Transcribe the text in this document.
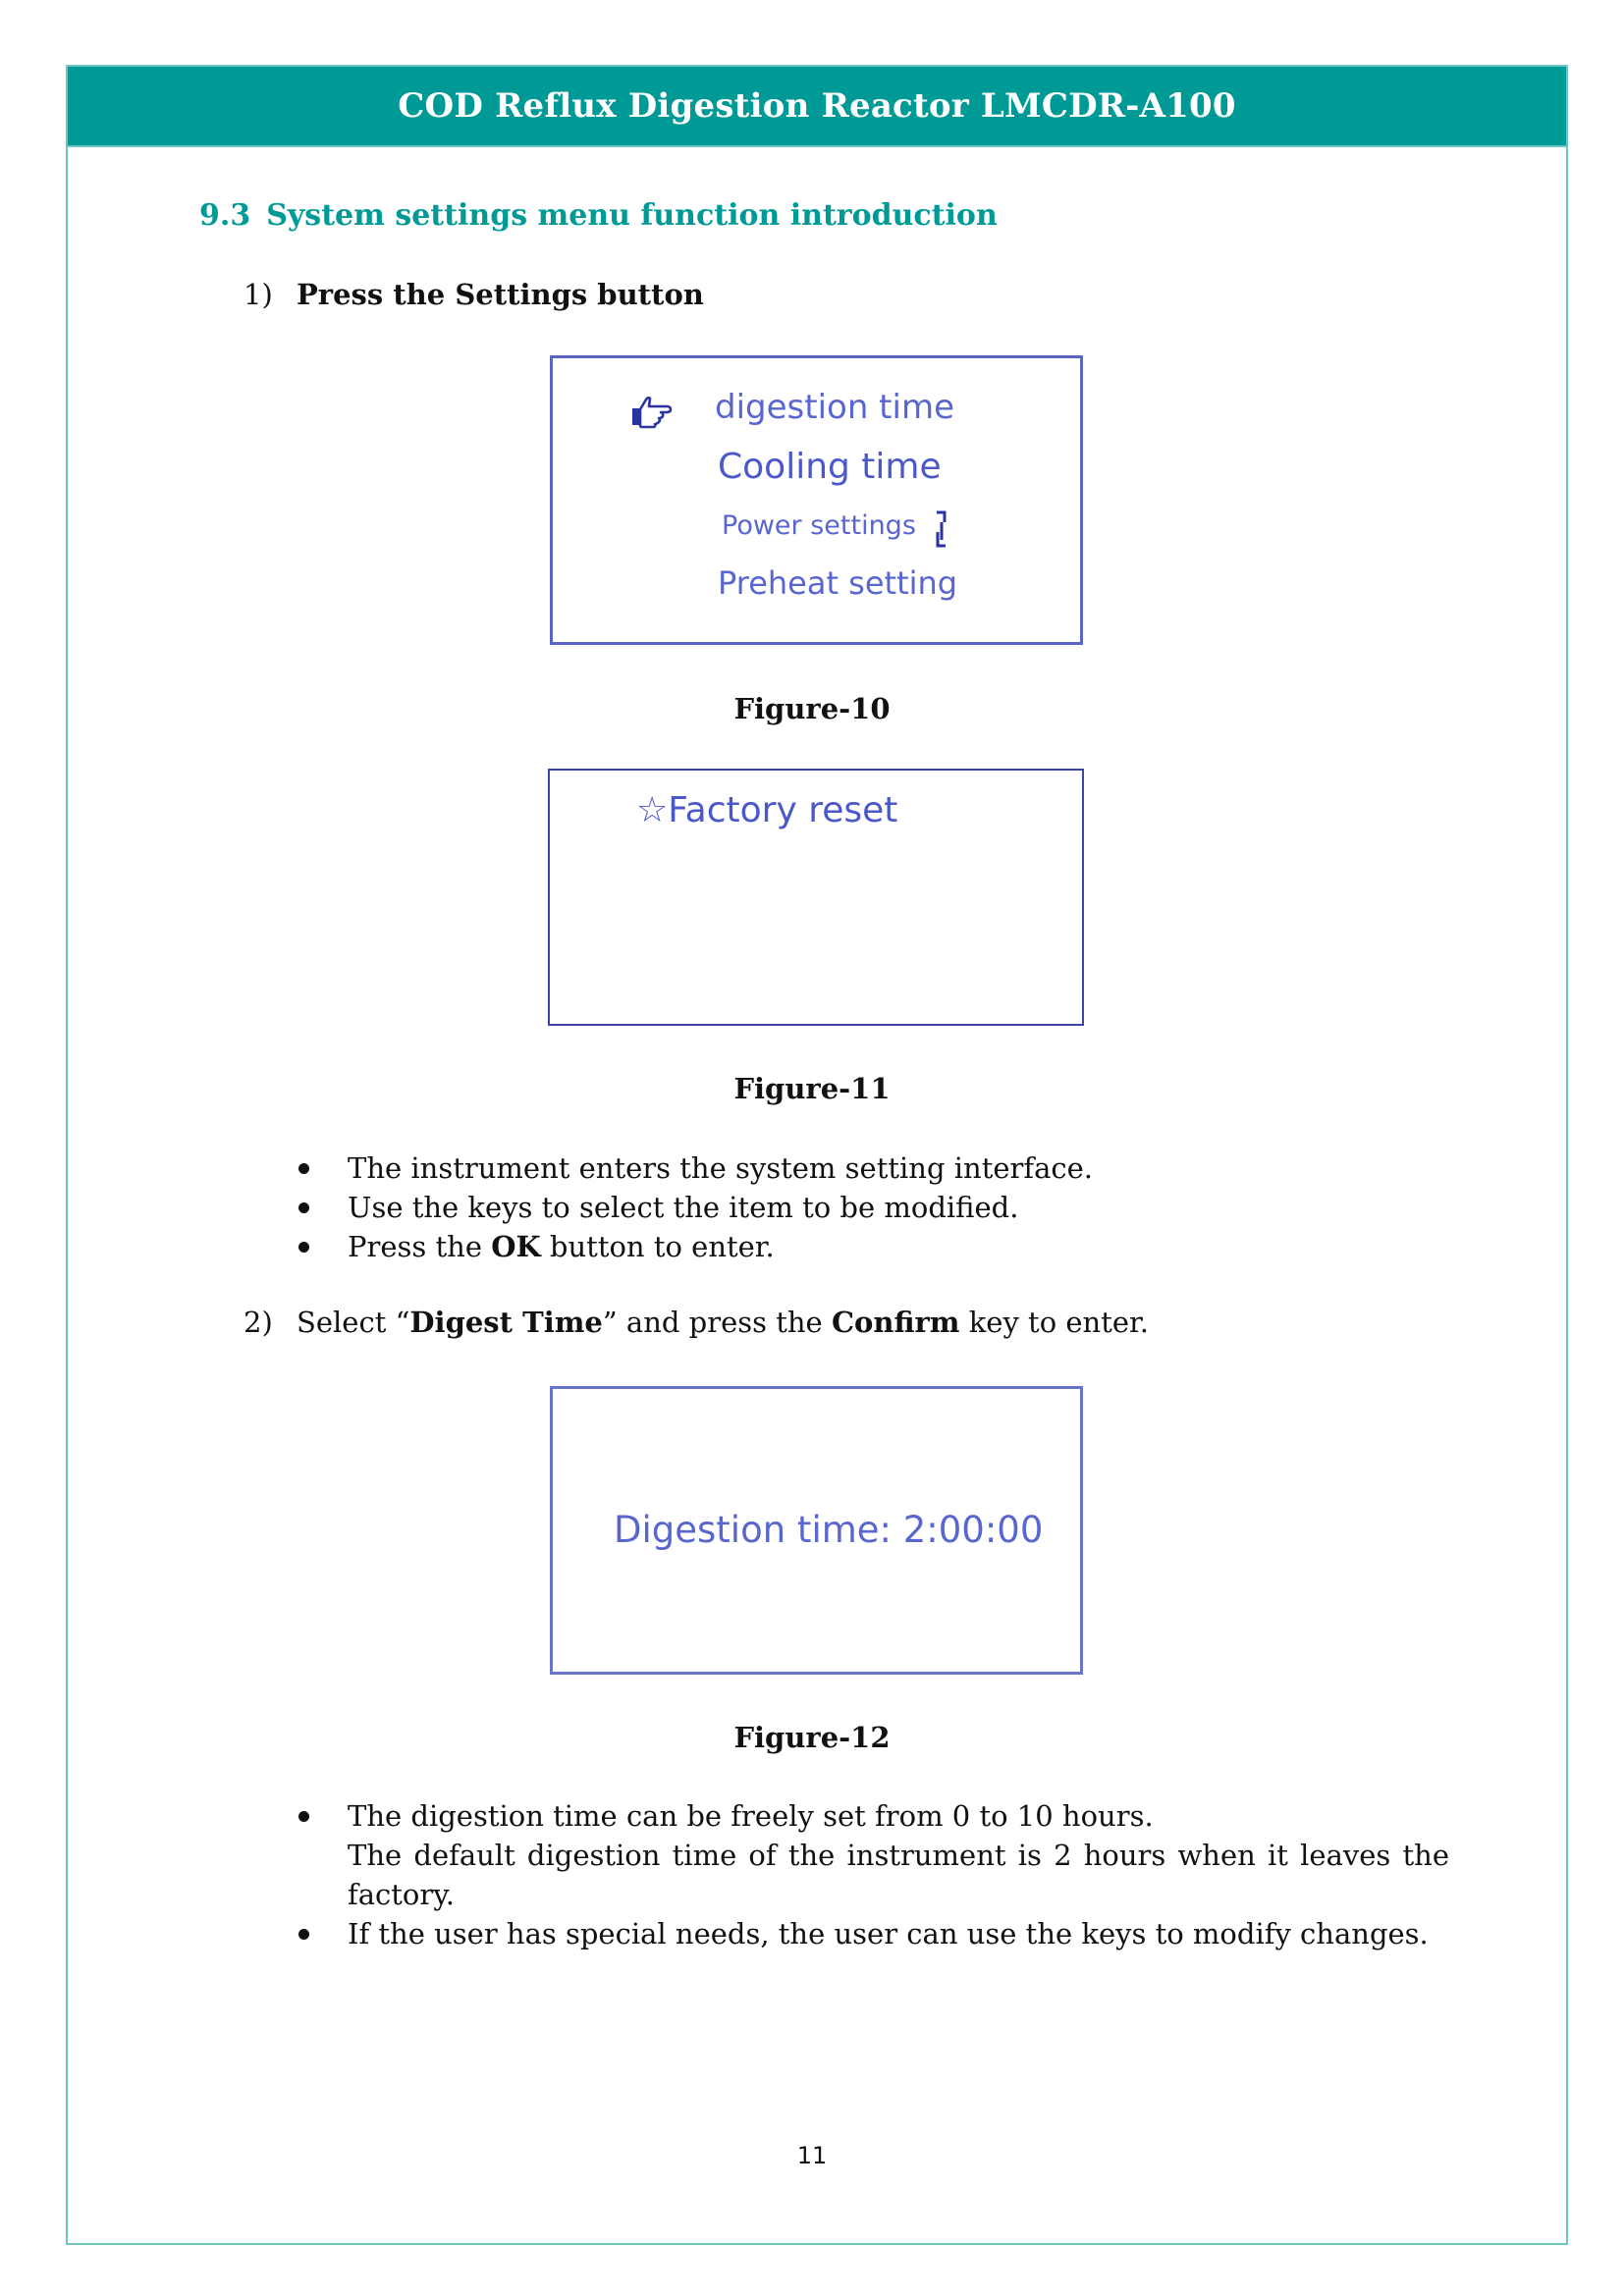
COD Reflux Digestion Reactor LMCDR-A100
9.3 System settings menu function introduction
1) Press the Settings button
digestion time
Cooling time
Power settings
Preheat setting
Figure-10
☆Factory reset
Figure-11
The instrument enters the system setting interface.
Use the keys to select the item to be modified.
Press the OK button to enter.
2) Select “Digest Time” and press the Confirm key to enter.
Digestion time: 2:00:00
Figure-12
The digestion time can be freely set from 0 to 10 hours.
The default digestion time of the instrument is 2 hours when it leaves the factory.
If the user has special needs, the user can use the keys to modify changes.
11
